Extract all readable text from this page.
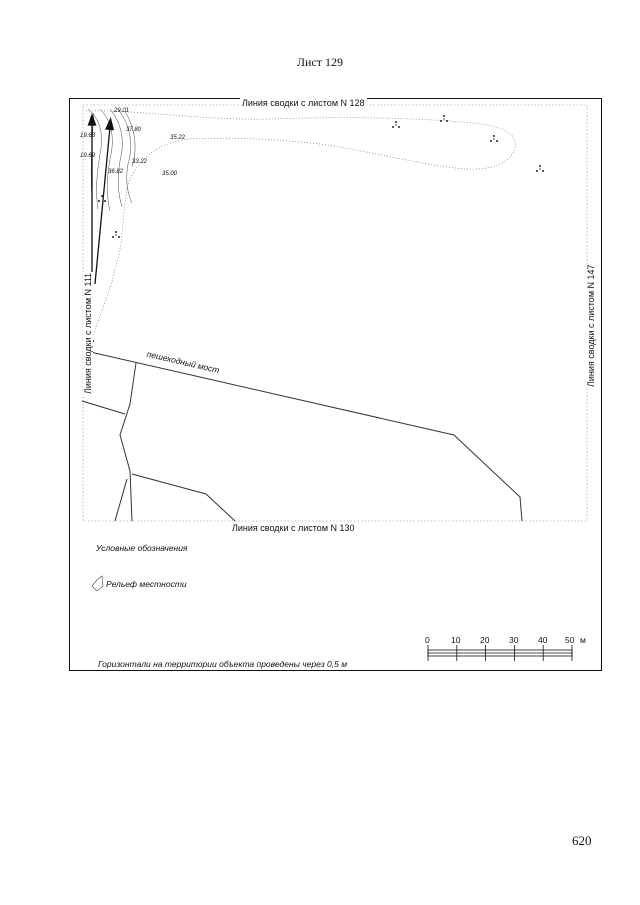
Лист 129
Линия сводки с листом N 128
Линия сводки с листом N 130
Линия сводки с листом N 111	Линия сводки с листом N 147
пешеходный мост
29.01
37.80
35.22
19.63
19.69
33.22
36.82	35.00
Условные обозначения
Рельеф местности
Горизонтали на территории объекта проведены через 0,5 м
0	10 20 30 40 50 м
620
